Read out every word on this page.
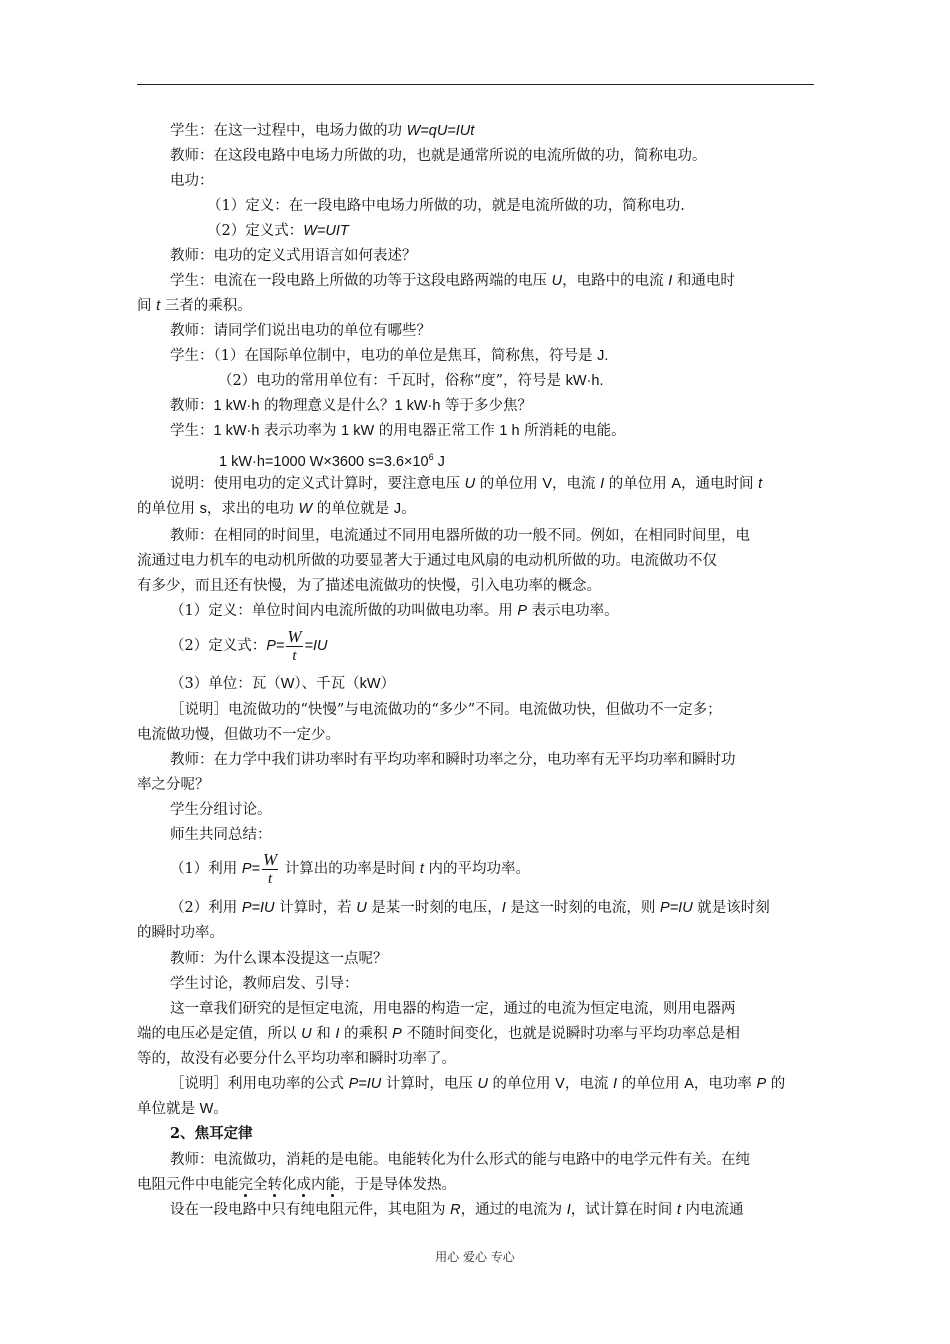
学生：在这一过程中，电场力做的功 W=qU=IUt
教师：在这段电路中电场力所做的功，也就是通常所说的电流所做的功，简称电功。
电功：
（1）定义：在一段电路中电场力所做的功，就是电流所做的功，简称电功.
（2）定义式：W=UIT
教师：电功的定义式用语言如何表述？
学生：电流在一段电路上所做的功等于这段电路两端的电压 U，电路中的电流 I 和通电时
间 t 三者的乘积。
教师：请同学们说出电功的单位有哪些？
学生：（1）在国际单位制中，电功的单位是焦耳，简称焦，符号是 J.
（2）电功的常用单位有：千瓦时，俗称“度”，符号是 kW·h.
教师：1 kW·h 的物理意义是什么？1 kW·h 等于多少焦？
学生：1 kW·h 表示功率为 1 kW 的用电器正常工作 1 h 所消耗的电能。
1 kW·h=1000 W×3600 $s=3.6\times 10^6$ J
说明：使用电功的定义式计算时，要注意电压 U 的单位用 V，电流 I 的单位用 A，通电时间 t
的单位用 s，求出的电功 W 的单位就是 J。
教师：在相同的时间里，电流通过不同用电器所做的功一般不同。例如，在相同时间里，电
流通过电力机车的电动机所做的功要显著大于通过电风扇的电动机所做的功。电流做功不仅
有多少，而且还有快慢，为了描述电流做功的快慢，引入电功率的概念。
（1）定义：单位时间内电流所做的功叫做电功率。用 P 表示电功率。
（2）定义式：$P= \frac{W}{t} =IU$
（3）单位：瓦（W）、千瓦（kW）
［说明］电流做功的“快慢”与电流做功的“多少”不同。电流做功快，但做功不一定多；
电流做功慢，但做功不一定少。
教师：在力学中我们讲功率时有平均功率和瞬时功率之分，电功率有无平均功率和瞬时功
率之分呢？
学生分组讨论。
师生共同总结：
（1）利用 $P= \frac{W}{t}$ 计算出的功率是时间 t 内的平均功率。
（2）利用 P=IU 计算时，若 U 是某一时刻的电压，I 是这一时刻的电流，则 P=IU 就是该时刻
的瞬时功率。
教师：为什么课本没提这一点呢？
学生讨论，教师启发、引导：
这一章我们研究的是恒定电流，用电器的构造一定，通过的电流为恒定电流，则用电器两
端的电压必是定值，所以 U 和 I 的乘积 P 不随时间变化，也就是说瞬时功率与平均功率总是相
等的，故没有必要分什么平均功率和瞬时功率了。
［说明］利用电功率的公式 P=IU 计算时，电压 U 的单位用 V，电流 I 的单位用 A，电功率 P 的
单位就是 W。
2、焦耳定律
教师：电流做功，消耗的是电能。电能转化为什么形式的能与电路中的电学元件有关。在纯
电阻元件中电能完全转化成内能，于是导体发热。
设在一段电路中只有纯电阻元件，其电阻为 R，通过的电流为 I，试计算在时间 t 内电流通
用心 爱心 专心
